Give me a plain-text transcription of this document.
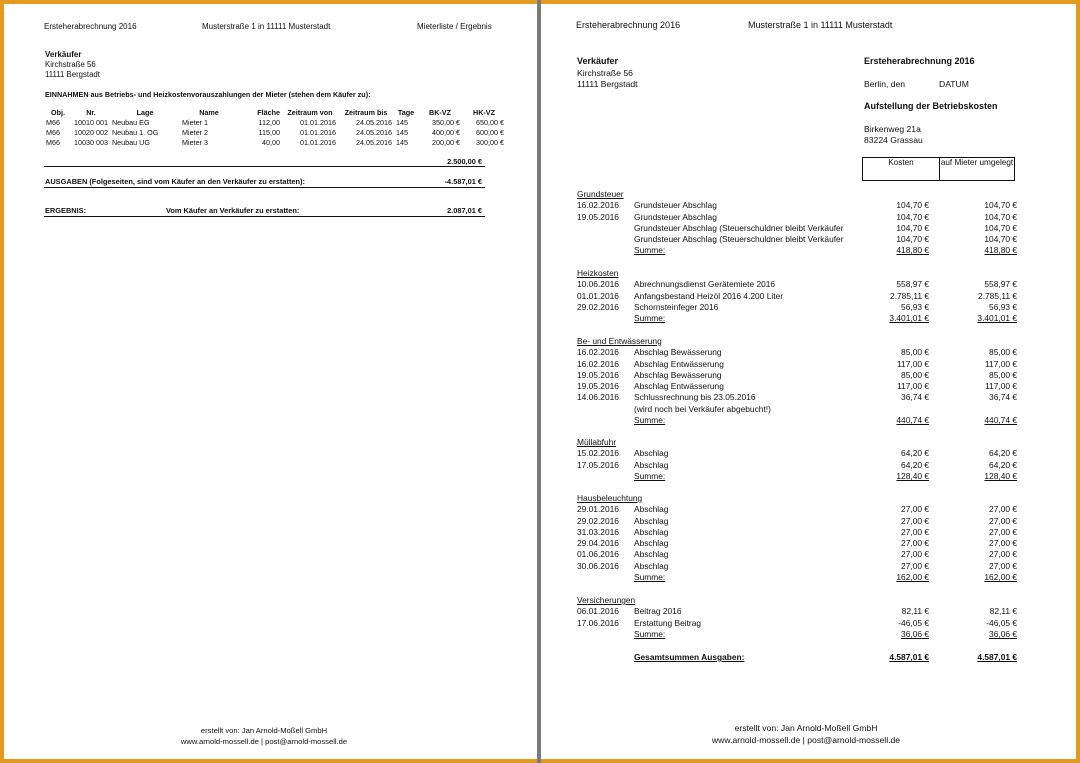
Ersteherabrechnung 2016	Musterstraße 1 in 11111 Musterstadt	Mieterliste / Ergebnis
Verkäufer
Kirchstraße 56
11111 Bergstadt
EINNAHMEN aus Betriebs- und Heizkostenvorauszahlungen der Mieter (stehen dem Käufer zu):
Obj.	Nr.	Lage	Name	Fläche	Zeitraum von	Zeitraum bis	Tage	BK-VZ	HK-VZ
M66	10010 001	Neubau EG	Mieter 1	112,00	01.01.2016	24.05.2016	145	350,00 €	650,00 €
M66	10020 002	Neubau 1. OG	Mieter 2	115,00	01.01.2016	24.05.2016	145	400,00 €	600,00 €
M66	10030 003	Neubau UG	Mieter 3	40,00	01.01.2016	24.05.2016	145	200,00 €	300,00 €
2.500,00 €
AUSGABEN (Folgeseiten, sind vom Käufer an den Verkäufer zu erstatten):	-4.587,01 €
ERGEBNIS:	Vom Käufer an Verkäufer zu erstatten:	2.087,01 €
erstellt von: Jan Arnold-Moßell GmbH
www.arnold-mossell.de | post@arnold-mossell.de
Ersteherabrechnung 2016	Musterstraße 1 in 11111 Musterstadt
Verkäufer
Kirchstraße 56
11111 Bergstadt
Ersteherabrechnung 2016
Berlin, den	DATUM
Aufstellung der Betriebskosten
Birkenweg 21a
83224 Grassau
Kosten	auf Mieter umgelegt
Grundsteuer
16.02.2016 Grundsteuer Abschlag	104,70 €	104,70 €
19.05.2016 Grundsteuer Abschlag	104,70 €	104,70 €
Grundsteuer Abschlag (Steuerschuldner bleibt Verkäufer	104,70 €	104,70 €
Grundsteuer Abschlag (Steuerschuldner bleibt Verkäufer	104,70 €	104,70 €
Summe:	418,80 €	418,80 €
Heizkosten
10.06.2016 Abrechnungsdienst Gerätemiete 2016	558,97 €	558,97 €
01.01.2016 Anfangsbestand Heizöl 2016 4.200 Liter	2.785,11 €	2.785,11 €
29.02.2016 Schornsteinfeger 2016	56,93 €	56,93 €
Summe:	3.401,01 €	3.401,01 €
Be- und Entwässerung
16.02.2016 Abschlag Bewässerung	85,00 €	85,00 €
16.02.2016 Abschlag Entwässerung	117,00 €	117,00 €
19.05.2016 Abschlag Bewässerung	85,00 €	85,00 €
19.05.2016 Abschlag Entwässerung	117,00 €	117,00 €
14.06.2016 Schlussrechnung bis 23.05.2016	36,74 €	36,74 €
(wird noch bei Verkäufer abgebucht!)
Summe:	440,74 €	440,74 €
Müllabfuhr
15.02.2016 Abschlag	64,20 €	64,20 €
17.05.2016 Abschlag	64,20 €	64,20 €
Summe:	128,40 €	128,40 €
Hausbeleuchtung
29.01.2016 Abschlag	27,00 €	27,00 €
29.02.2016 Abschlag	27,00 €	27,00 €
31.03.2016 Abschlag	27,00 €	27,00 €
29.04.2016 Abschlag	27,00 €	27,00 €
01.06.2016 Abschlag	27,00 €	27,00 €
30.06.2016 Abschlag	27,00 €	27,00 €
Summe:	162,00 €	162,00 €
Versicherungen
06.01.2016 Beitrag 2016	82,11 €	82,11 €
17.06.2016 Erstattung Beitrag	-46,05 €	-46,05 €
Summe:	36,06 €	36,06 €
Gesamtsummen Ausgaben:	4.587,01 €	4.587,01 €
erstellt von: Jan Arnold-Moßell GmbH
www.arnold-mossell.de | post@arnold-mossell.de
